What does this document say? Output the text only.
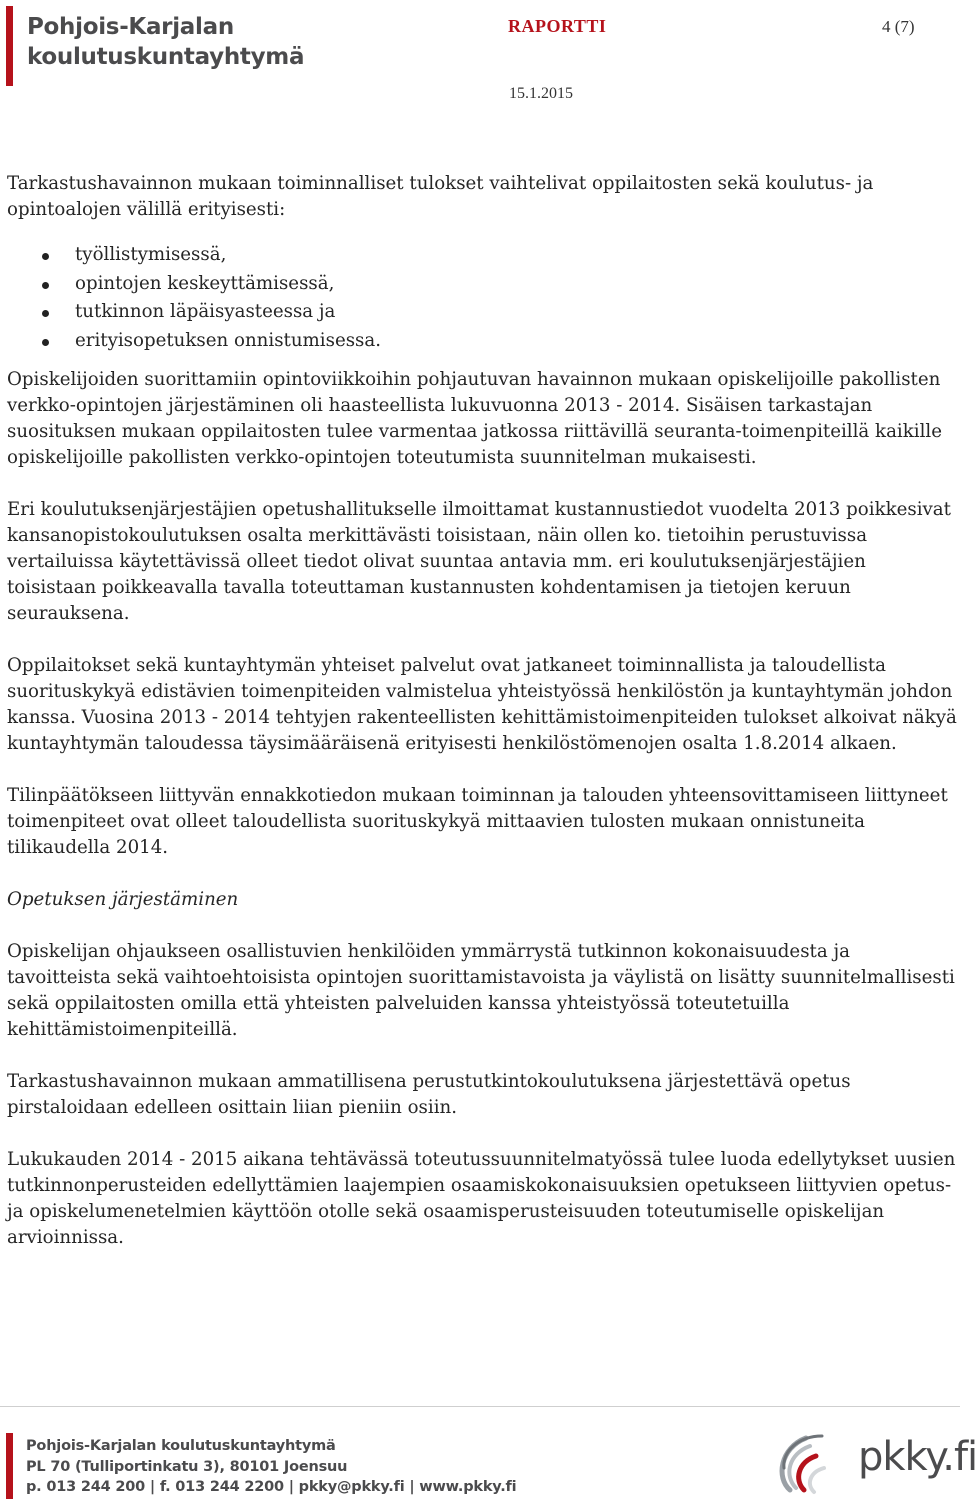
Pohjois-Karjalan
koulutuskuntayhtymä
RAPORTTI	4 (7)
15.1.2015

Tarkastushavainnon mukaan toiminnalliset tulokset vaihtelivat oppilaitosten sekä koulutus- ja opintoalojen välillä erityisesti:

työllistymisessä,
opintojen keskeyttämisessä,
tutkinnon läpäisyasteessa ja
erityisopetuksen onnistumisessa.

Opiskelijoiden suorittamiin opintoviikkoihin pohjautuvan havainnon mukaan opiskelijoille pakollisten verkko-opintojen järjestäminen oli haasteellista lukuvuonna 2013 - 2014. Sisäisen tarkastajan suosituksen mukaan oppilaitosten tulee varmentaa jatkossa riittävillä seuranta-toimenpiteillä kaikille opiskelijoille pakollisten verkko-opintojen toteutumista suunnitelman mukaisesti.

Eri koulutuksenjärjestäjien opetushallitukselle ilmoittamat kustannustiedot vuodelta 2013 poikkesivat kansanopistokoulutuksen osalta merkittävästi toisistaan, näin ollen ko. tietoihin perustuvissa vertailuissa käytettävissä olleet tiedot olivat suuntaa antavia mm. eri koulutuksenjärjestäjien toisistaan poikkeavalla tavalla toteuttaman kustannusten kohdentamisen ja tietojen keruun seurauksena.

Oppilaitokset sekä kuntayhtymän yhteiset palvelut ovat jatkaneet toiminnallista ja taloudellista suorituskykyä edistävien toimenpiteiden valmistelua yhteistyössä henkilöstön ja kuntayhtymän johdon kanssa. Vuosina 2013 - 2014 tehtyjen rakenteellisten kehittämistoimenpiteiden tulokset alkoivat näkyä kuntayhtymän taloudessa täysimääräisenä erityisesti henkilöstömenojen osalta 1.8.2014 alkaen.

Tilinpäätökseen liittyvän ennakkotiedon mukaan toiminnan ja talouden yhteensovittamiseen liittyneet toimenpiteet ovat olleet taloudellista suorituskykyä mittaavien tulosten mukaan onnistuneita tilikaudella 2014.

Opetuksen järjestäminen

Opiskelijan ohjaukseen osallistuvien henkilöiden ymmärrystä tutkinnon kokonaisuudesta ja tavoitteista sekä vaihtoehtoisista opintojen suorittamistavoista ja väylistä on lisätty suunnitelmallisesti sekä oppilaitosten omilla että yhteisten palveluiden kanssa yhteistyössä toteutetuilla kehittämistoimenpiteillä.

Tarkastushavainnon mukaan ammatillisena perustutkintokoulutuksena järjestettävä opetus pirstaloidaan edelleen osittain liian pieniin osiin.

Lukukauden 2014 - 2015 aikana tehtävässä toteutussuunnitelmatyössä tulee luoda edellytykset uusien tutkinnonperusteiden edellyttämien laajempien osaamiskokonaisuuksien opetukseen liittyvien opetus- ja opiskelumenetelmien käyttöön otolle sekä osaamisperusteisuuden toteutumiselle opiskelijan arvioinnissa.

Pohjois-Karjalan koulutuskuntayhtymä
PL 70 (Tulliportinkatu 3), 80101 Joensuu
p. 013 244 200 | f. 013 244 2200 | pkky@pkky.fi | www.pkky.fi
pkky.fi
